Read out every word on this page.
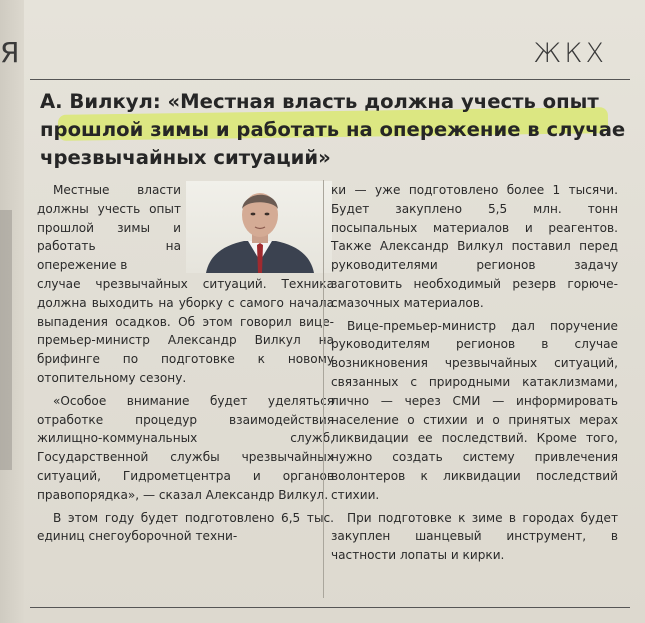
Я	ЖКХ
А. Вилкул: «Местная власть должна учесть опыт прошлой зимы и работать на опережение в случае чрезвычайных ситуаций»

Местные власти должны учесть опыт прошлой зимы и работать на опережение в

случае чрезвычайных ситуаций. Техника должна выходить на уборку с самого начала выпадения осадков. Об этом говорил вице-премьер-министр Александр Вилкул на брифинге по подготовке к новому отопительному сезону.

«Особое внимание будет уделяться отработке процедур взаимодействия жилищно-коммунальных служб, Государственной службы чрезвычайных ситуаций, Гидрометцентра и органов правопорядка», — сказал Александр Вилкул.

В этом году будет подготовлено 6,5 тыс. единиц снегоуборочной техни-

ки — уже подготовлено более 1 тысячи. Будет закуплено 5,5 млн. тонн посыпальных материалов и реагентов. Также Александр Вилкул поставил перед руководителями регионов задачу заготовить необходимый резерв горюче-смазочных материалов.

Вице-премьер-министр дал поручение руководителям регионов в случае возникновения чрезвычайных ситуаций, связанных с природными катаклизмами, лично — через СМИ — информировать население о стихии и о принятых мерах ликвидации ее последствий. Кроме того, нужно создать систему привлечения волонтеров к ликвидации последствий стихии.

При подготовке к зиме в городах будет закуплен шанцевый инструмент, в частности лопаты и кирки.
